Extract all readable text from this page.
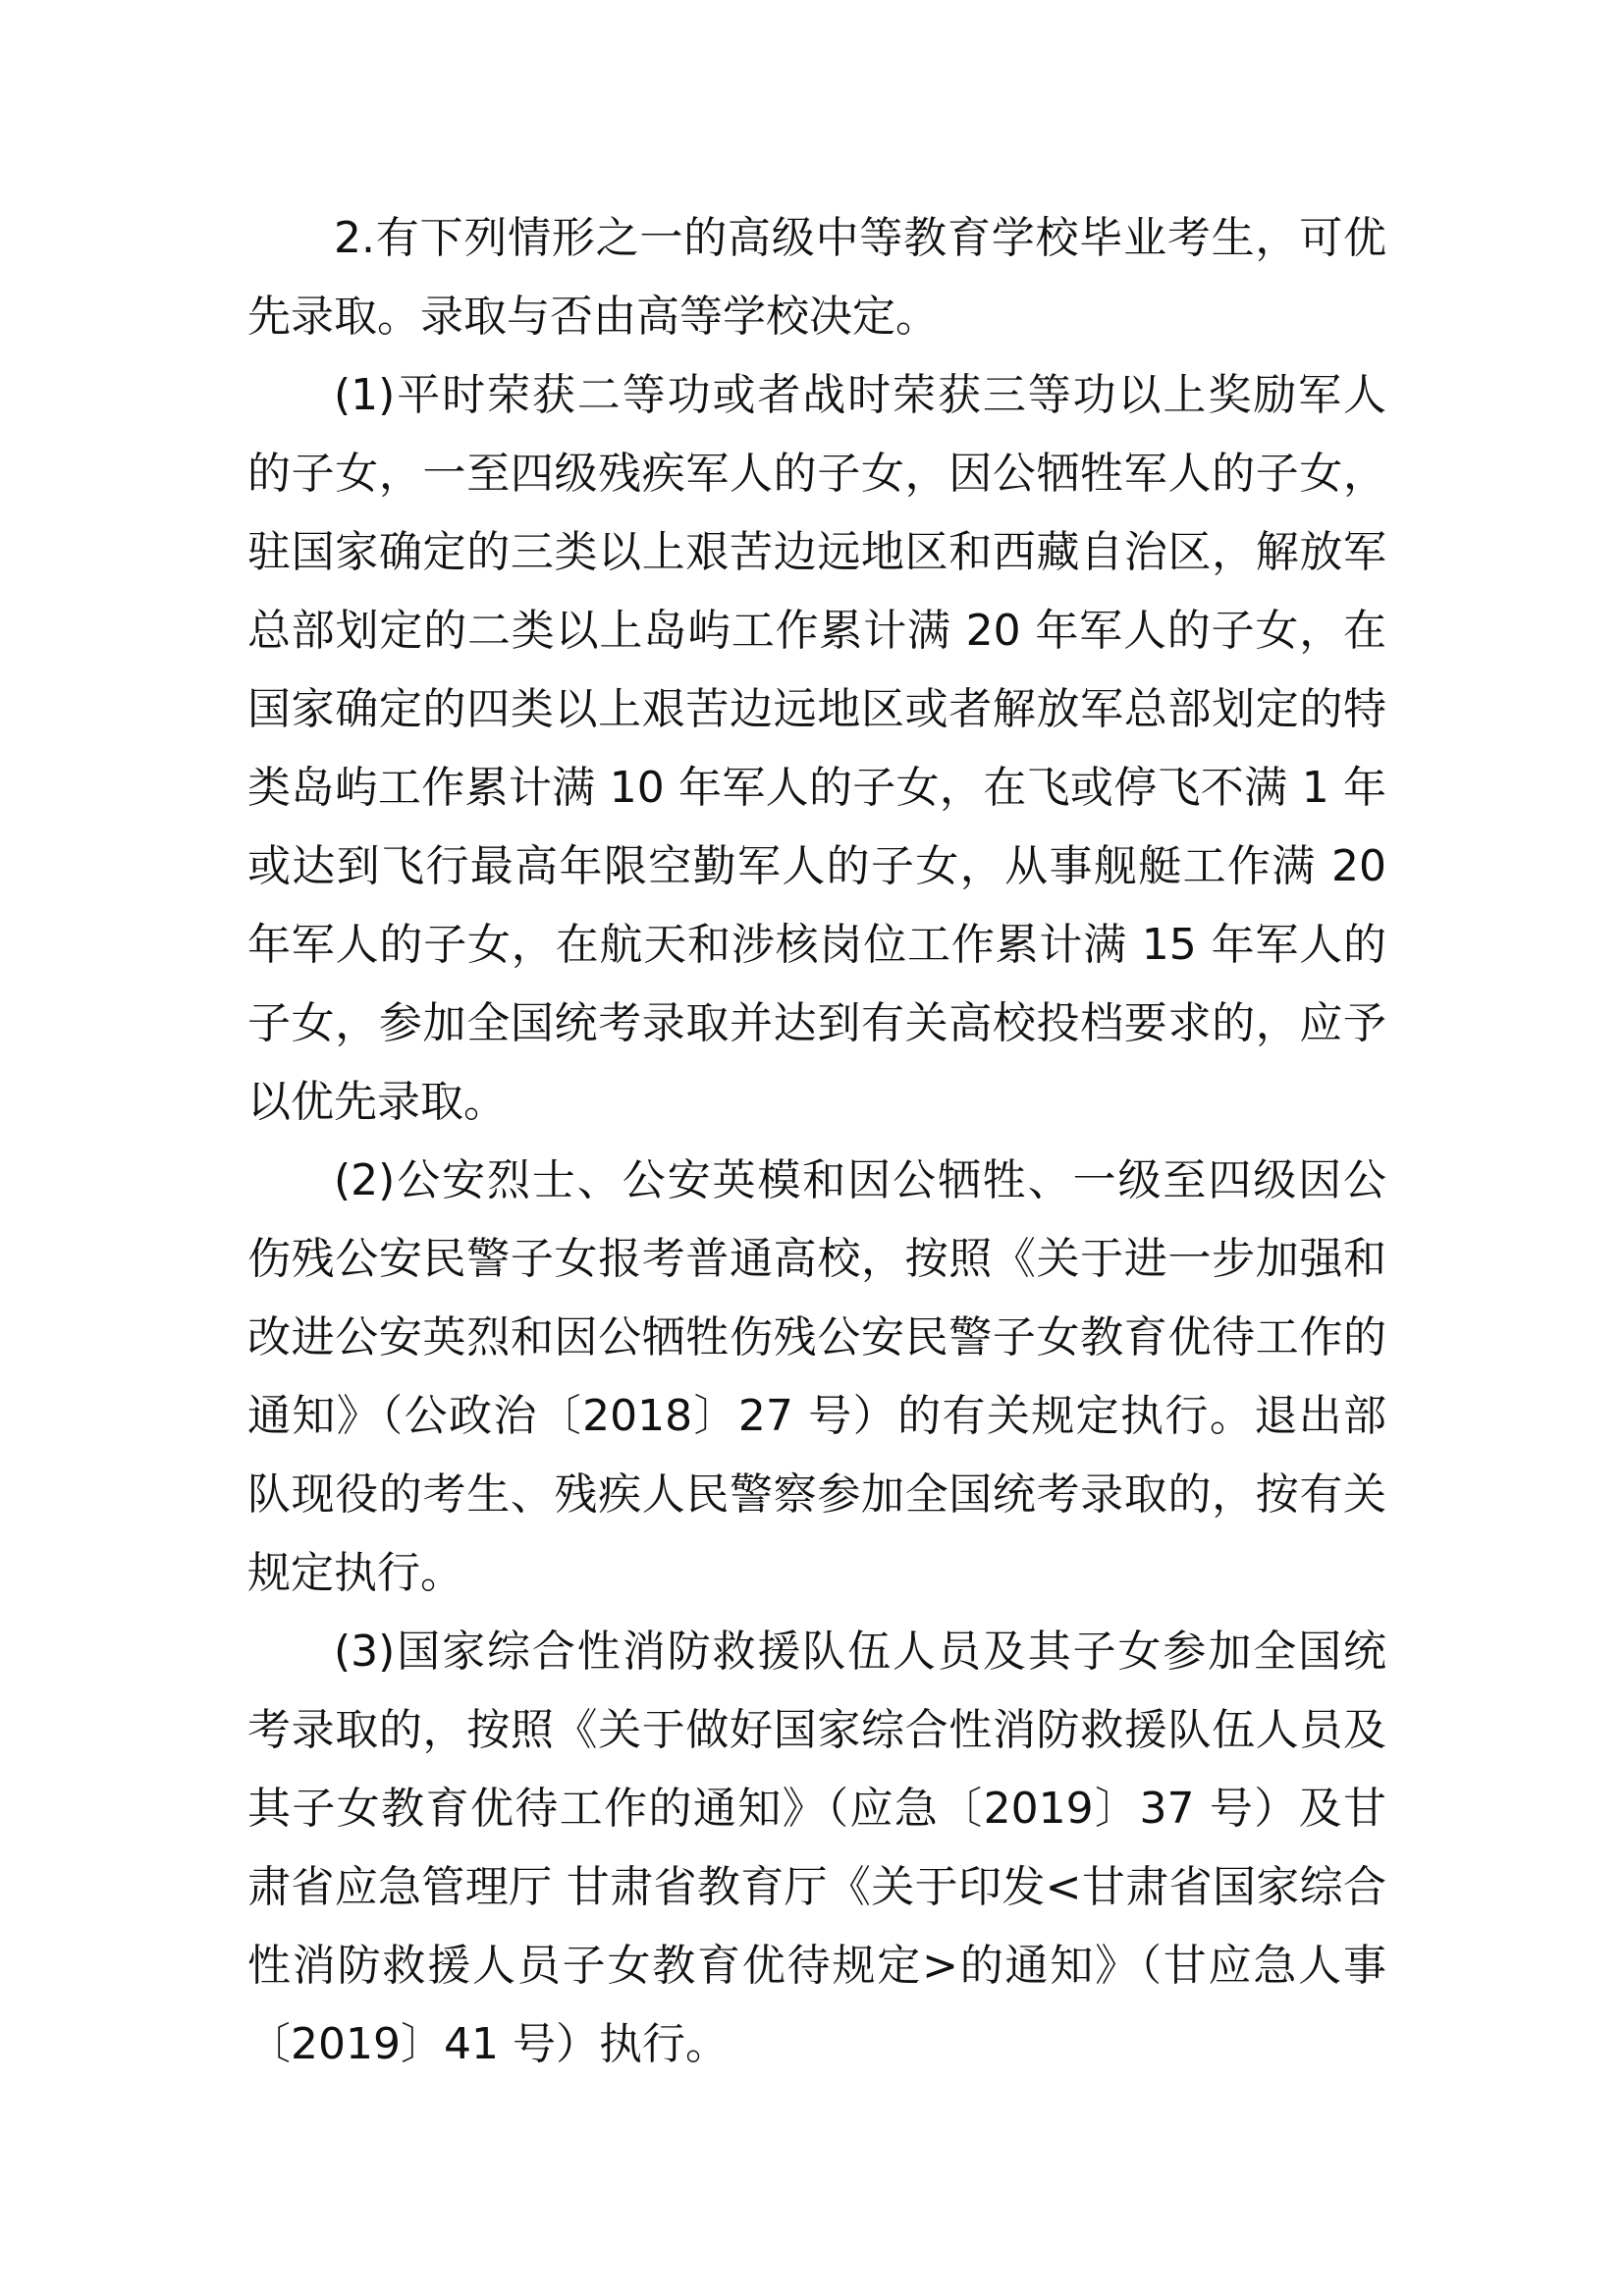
2.有下列情形之一的高级中等教育学校毕业考生，可优先录取。录取与否由高等学校决定。

(1)平时荣获二等功或者战时荣获三等功以上奖励军人的子女，一至四级残疾军人的子女，因公牺牲军人的子女，驻国家确定的三类以上艰苦边远地区和西藏自治区，解放军总部划定的二类以上岛屿工作累计满 20 年军人的子女，在国家确定的四类以上艰苦边远地区或者解放军总部划定的特类岛屿工作累计满 10 年军人的子女，在飞或停飞不满 1 年或达到飞行最高年限空勤军人的子女，从事舰艇工作满 20 年军人的子女，在航天和涉核岗位工作累计满 15 年军人的子女，参加全国统考录取并达到有关高校投档要求的，应予以优先录取。

(2)公安烈士、公安英模和因公牺牲、一级至四级因公伤残公安民警子女报考普通高校，按照《关于进一步加强和改进公安英烈和因公牺牲伤残公安民警子女教育优待工作的通知》（公政治〔2018〕27 号）的有关规定执行。退出部队现役的考生、残疾人民警察参加全国统考录取的，按有关规定执行。

(3)国家综合性消防救援队伍人员及其子女参加全国统考录取的，按照《关于做好国家综合性消防救援队伍人员及其子女教育优待工作的通知》（应急〔2019〕37 号）及甘肃省应急管理厅 甘肃省教育厅《关于印发<甘肃省国家综合性消防救援人员子女教育优待规定>的通知》（甘应急人事〔2019〕41 号）执行。
